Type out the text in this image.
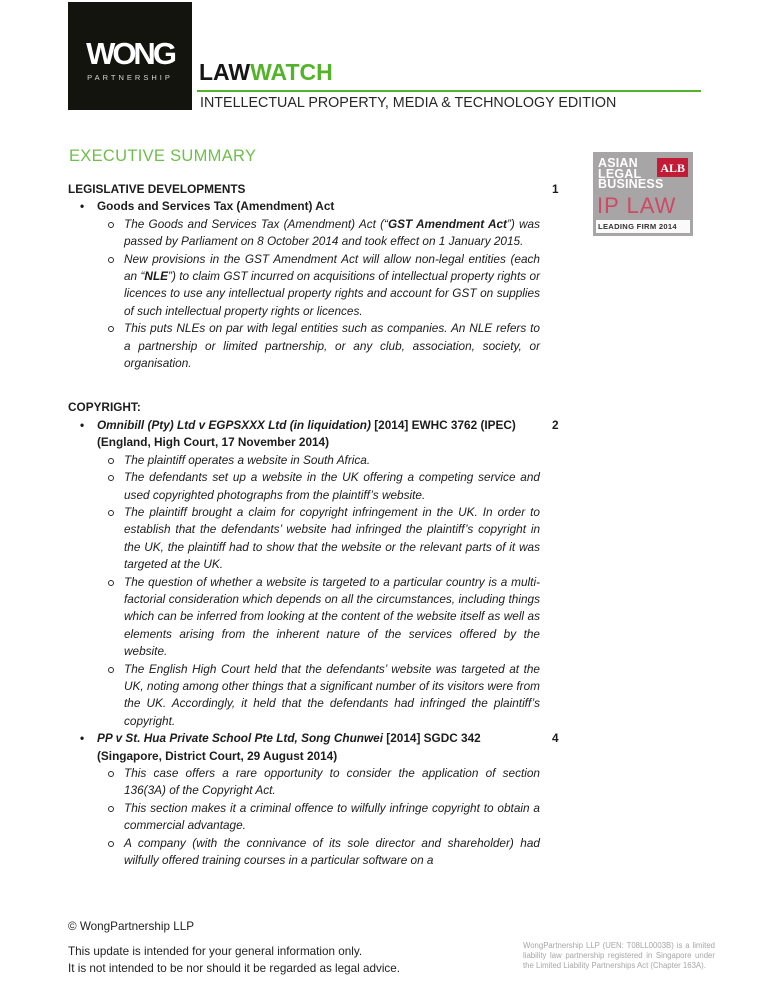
WONG
PARTNERSHIP	LAWWATCH
INTELLECTUAL PROPERTY, MEDIA & TECHNOLOGY EDITION
ASIAN
LEGAL
BUSINESS
ALB
IP LAW
LEADING FIRM 2014
EXECUTIVE SUMMARY
LEGISLATIVE DEVELOPMENTS	1
• Goods and Services Tax (Amendment) Act
The Goods and Services Tax (Amendment) Act (“GST Amendment Act”) was passed by Parliament on 8 October 2014 and took effect on 1 January 2015.
New provisions in the GST Amendment Act will allow non-legal entities (each an “NLE”) to claim GST incurred on acquisitions of intellectual property rights or licences to use any intellectual property rights and account for GST on supplies of such intellectual property rights or licences.
This puts NLEs on par with legal entities such as companies. An NLE refers to a partnership or limited partnership, or any club, association, society, or organisation.
COPYRIGHT:
• Omnibill (Pty) Ltd v EGPSXXX Ltd (in liquidation) [2014] EWHC 3762 (IPEC) (England, High Court, 17 November 2014)
2
The plaintiff operates a website in South Africa.
The defendants set up a website in the UK offering a competing service and used copyrighted photographs from the plaintiff’s website.
The plaintiff brought a claim for copyright infringement in the UK. In order to establish that the defendants’ website had infringed the plaintiff’s copyright in the UK, the plaintiff had to show that the website or the relevant parts of it was targeted at the UK.
The question of whether a website is targeted to a particular country is a multi-factorial consideration which depends on all the circumstances, including things which can be inferred from looking at the content of the website itself as well as elements arising from the inherent nature of the services offered by the website.
The English High Court held that the defendants’ website was targeted at the UK, noting among other things that a significant number of its visitors were from the UK. Accordingly, it held that the defendants had infringed the plaintiff’s copyright.
• PP v St. Hua Private School Pte Ltd, Song Chunwei [2014] SGDC 342 (Singapore, District Court, 29 August 2014)
4
This case offers a rare opportunity to consider the application of section 136(3A) of the Copyright Act.
This section makes it a criminal offence to wilfully infringe copyright to obtain a commercial advantage.
A company (with the connivance of its sole director and shareholder) had wilfully offered training courses in a particular software on a
© WongPartnership LLP
This update is intended for your general information only.
It is not intended to be nor should it be regarded as legal advice.
WongPartnership LLP (UEN: T08LL0003B) is a limited liability law partnership registered in Singapore under the Limited Liability Partnerships Act (Chapter 163A).
